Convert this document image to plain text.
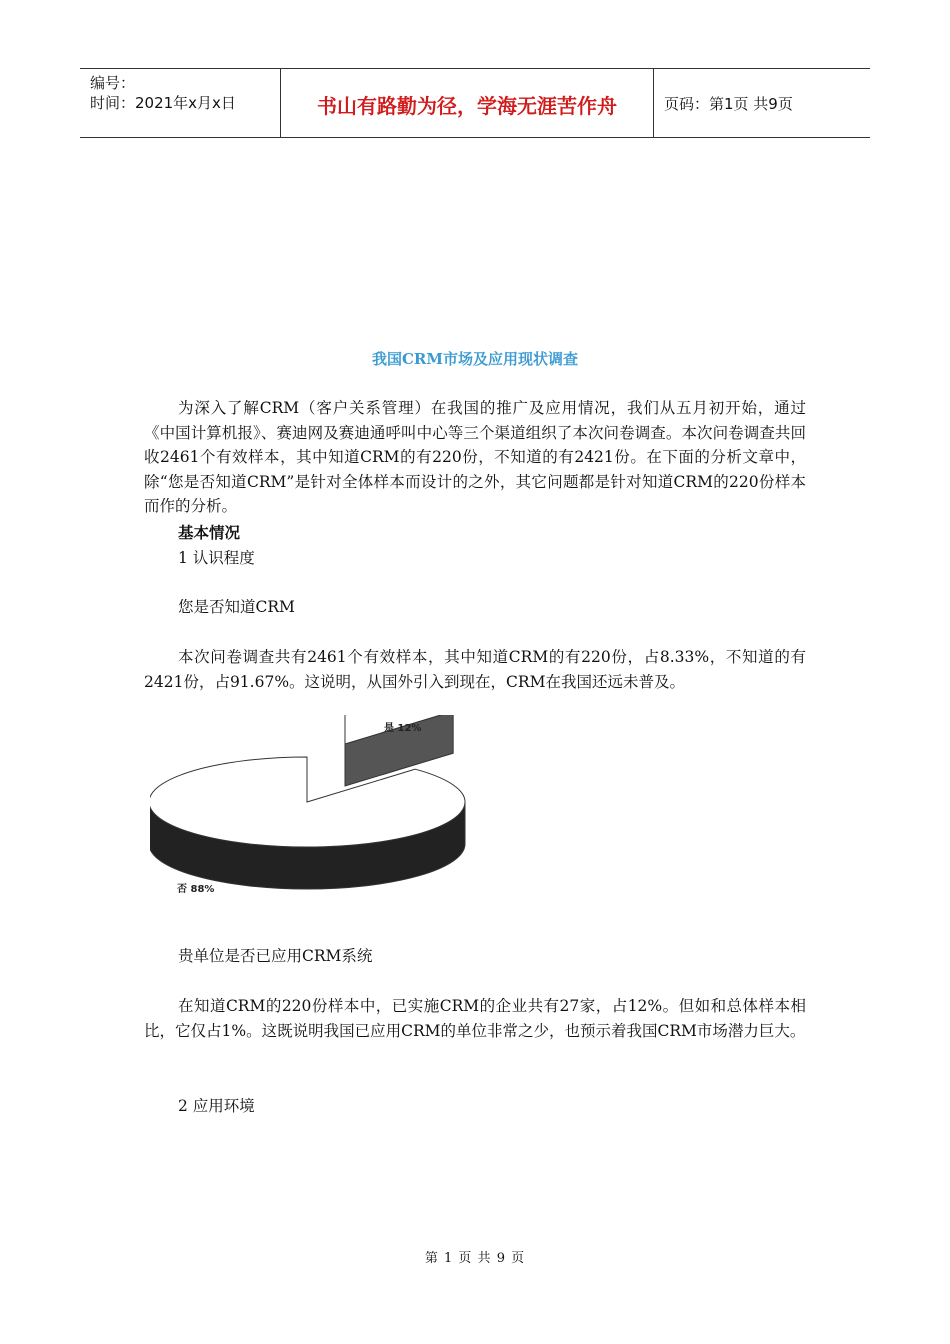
编号：
时间：2021年x月x日	书山有路勤为径，学海无涯苦作舟	页码：第1页 共9页
我国CRM市场及应用现状调查
为深入了解CRM（客户关系管理）在我国的推广及应用情况，我们从五月初开始，通过《中国计算机报》、赛迪网及赛迪通呼叫中心等三个渠道组织了本次问卷调查。本次问卷调查共回收2461个有效样本，其中知道CRM的有220份，不知道的有2421份。在下面的分析文章中，除“您是否知道CRM”是针对全体样本而设计的之外，其它问题都是针对知道CRM的220份样本而作的分析。
基本情况
1 认识程度
您是否知道CRM
本次问卷调查共有2461个有效样本，其中知道CRM的有220份，占8.33%，不知道的有2421份，占91.67%。这说明，从国外引入到现在，CRM在我国还远未普及。
是 12%
否 88%
贵单位是否已应用CRM系统
在知道CRM的220份样本中，已实施CRM的企业共有27家，占12%。但如和总体样本相比，它仅占1%。这既说明我国已应用CRM的单位非常之少，也预示着我国CRM市场潜力巨大。
2 应用环境
第 1 页 共 9 页
